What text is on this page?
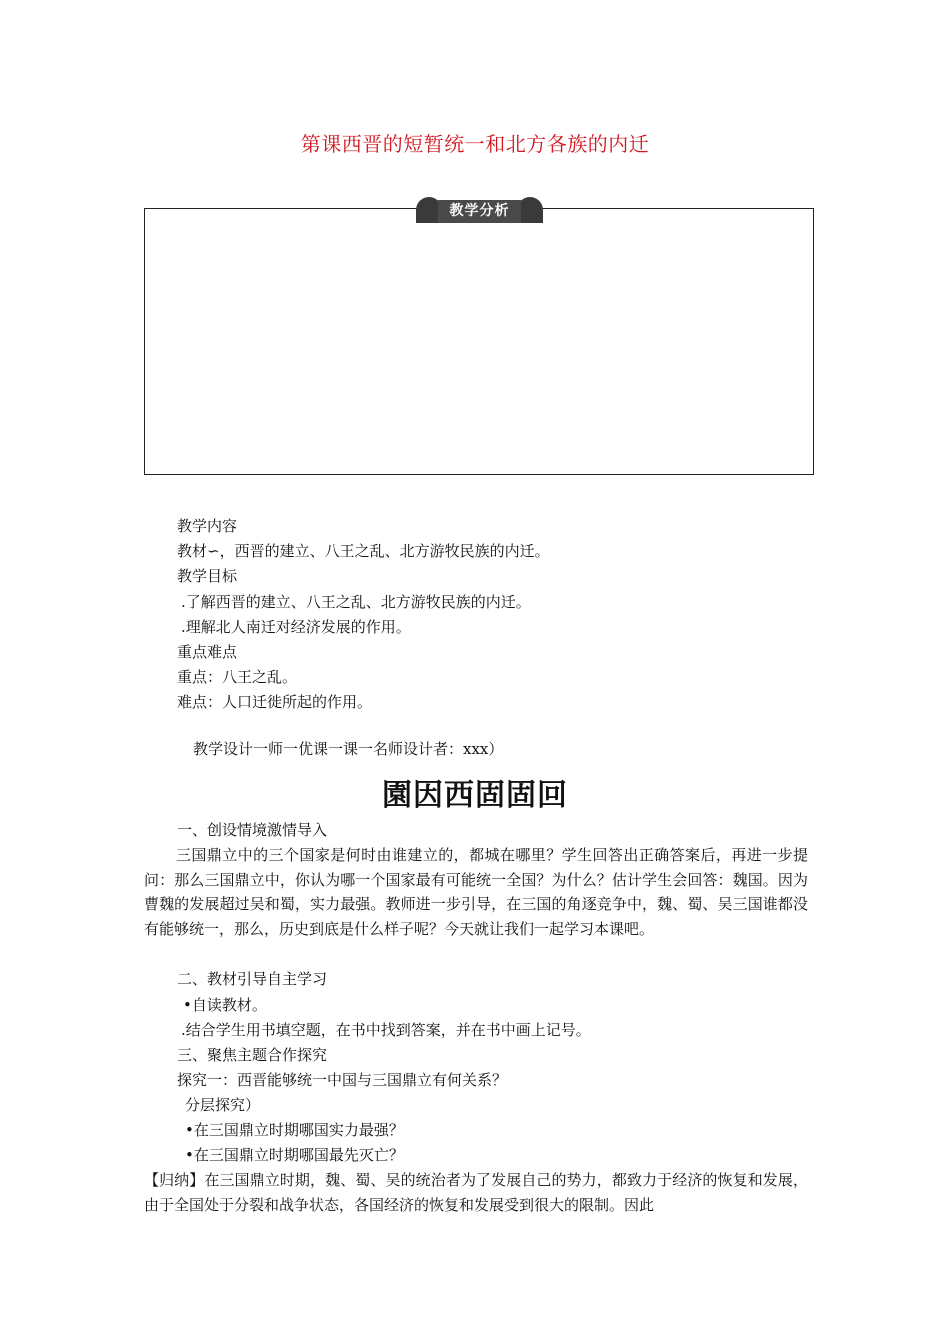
第课西晋的短暂统一和北方各族的内迁
教学分析
教学内容
教材∽，西晋的建立、八王之乱、北方游牧民族的内迁。
教学目标
.了解西晋的建立、八王之乱、北方游牧民族的内迁。
.理解北人南迁对经济发展的作用。
重点难点
重点：八王之乱。
难点：人口迁徙所起的作用。
教学设计一师一优课一课一名师设计者：xxx）
園因西固固回
一、创设情境激情导入
三国鼎立中的三个国家是何时由谁建立的，都城在哪里？学生回答出正确答案后，再进一步提问：那么三国鼎立中，你认为哪一个国家最有可能统一全国？为什么？估计学生会回答：魏国。因为曹魏的发展超过吴和蜀，实力最强。教师进一步引导，在三国的角逐竞争中，魏、蜀、吴三国谁都没有能够统一，那么，历史到底是什么样子呢？今天就让我们一起学习本课吧。
二、教材引导自主学习
•自读教材。
.结合学生用书填空题，在书中找到答案，并在书中画上记号。
三、聚焦主题合作探究
探究一：西晋能够统一中国与三国鼎立有何关系？
分层探究）
•在三国鼎立时期哪国实力最强？
•在三国鼎立时期哪国最先灭亡？
【归纳】在三国鼎立时期，魏、蜀、吴的统治者为了发展自己的势力，都致力于经济的恢复和发展，由于全国处于分裂和战争状态，各国经济的恢复和发展受到很大的限制。因此
